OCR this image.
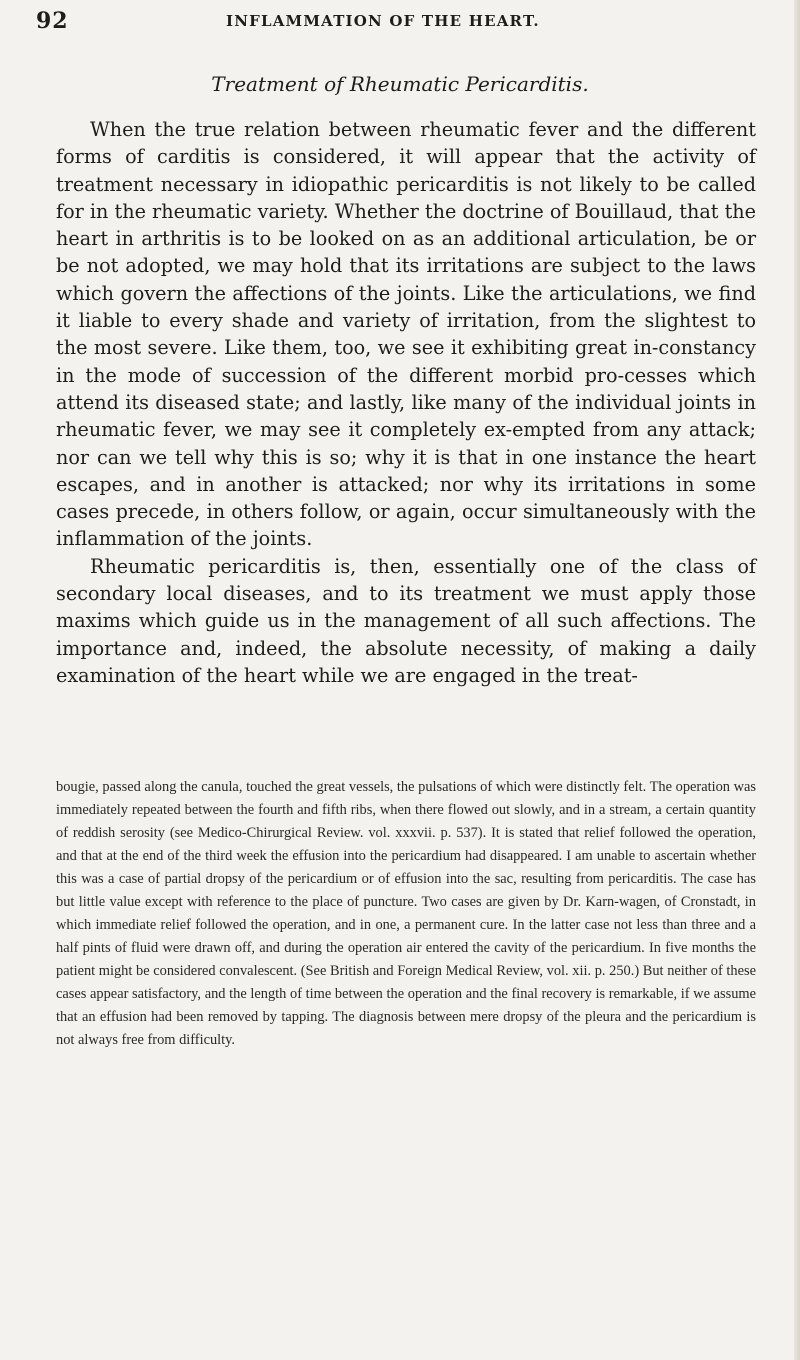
92	INFLAMMATION OF THE HEART.
Treatment of Rheumatic Pericarditis.

When the true relation between rheumatic fever and the different forms of carditis is considered, it will appear that the activity of treatment necessary in idiopathic pericarditis is not likely to be called for in the rheumatic variety. Whether the doctrine of Bouillaud, that the heart in arthritis is to be looked on as an additional articulation, be or be not adopted, we may hold that its irritations are subject to the laws which govern the affections of the joints. Like the articulations, we find it liable to every shade and variety of irritation, from the slightest to the most severe. Like them, too, we see it exhibiting great in-constancy in the mode of succession of the different morbid pro-cesses which attend its diseased state; and lastly, like many of the individual joints in rheumatic fever, we may see it completely ex-empted from any attack; nor can we tell why this is so; why it is that in one instance the heart escapes, and in another is attacked; nor why its irritations in some cases precede, in others follow, or again, occur simultaneously with the inflammation of the joints.

Rheumatic pericarditis is, then, essentially one of the class of secondary local diseases, and to its treatment we must apply those maxims which guide us in the management of all such affections. The importance and, indeed, the absolute necessity, of making a daily examination of the heart while we are engaged in the treat-

bougie, passed along the canula, touched the great vessels, the pulsations of which were distinctly felt. The operation was immediately repeated between the fourth and fifth ribs, when there flowed out slowly, and in a stream, a certain quantity of reddish serosity (see Medico-Chirurgical Review. vol. xxxvii. p. 537). It is stated that relief followed the operation, and that at the end of the third week the effusion into the pericardium had disappeared. I am unable to ascertain whether this was a case of partial dropsy of the pericardium or of effusion into the sac, resulting from pericarditis. The case has but little value except with reference to the place of puncture. Two cases are given by Dr. Karn-wagen, of Cronstadt, in which immediate relief followed the operation, and in one, a permanent cure. In the latter case not less than three and a half pints of fluid were drawn off, and during the operation air entered the cavity of the pericardium. In five months the patient might be considered convalescent. (See British and Foreign Medical Review, vol. xii. p. 250.) But neither of these cases appear satisfactory, and the length of time between the operation and the final recovery is remarkable, if we assume that an effusion had been removed by tapping. The diagnosis between mere dropsy of the pleura and the pericardium is not always free from difficulty.
